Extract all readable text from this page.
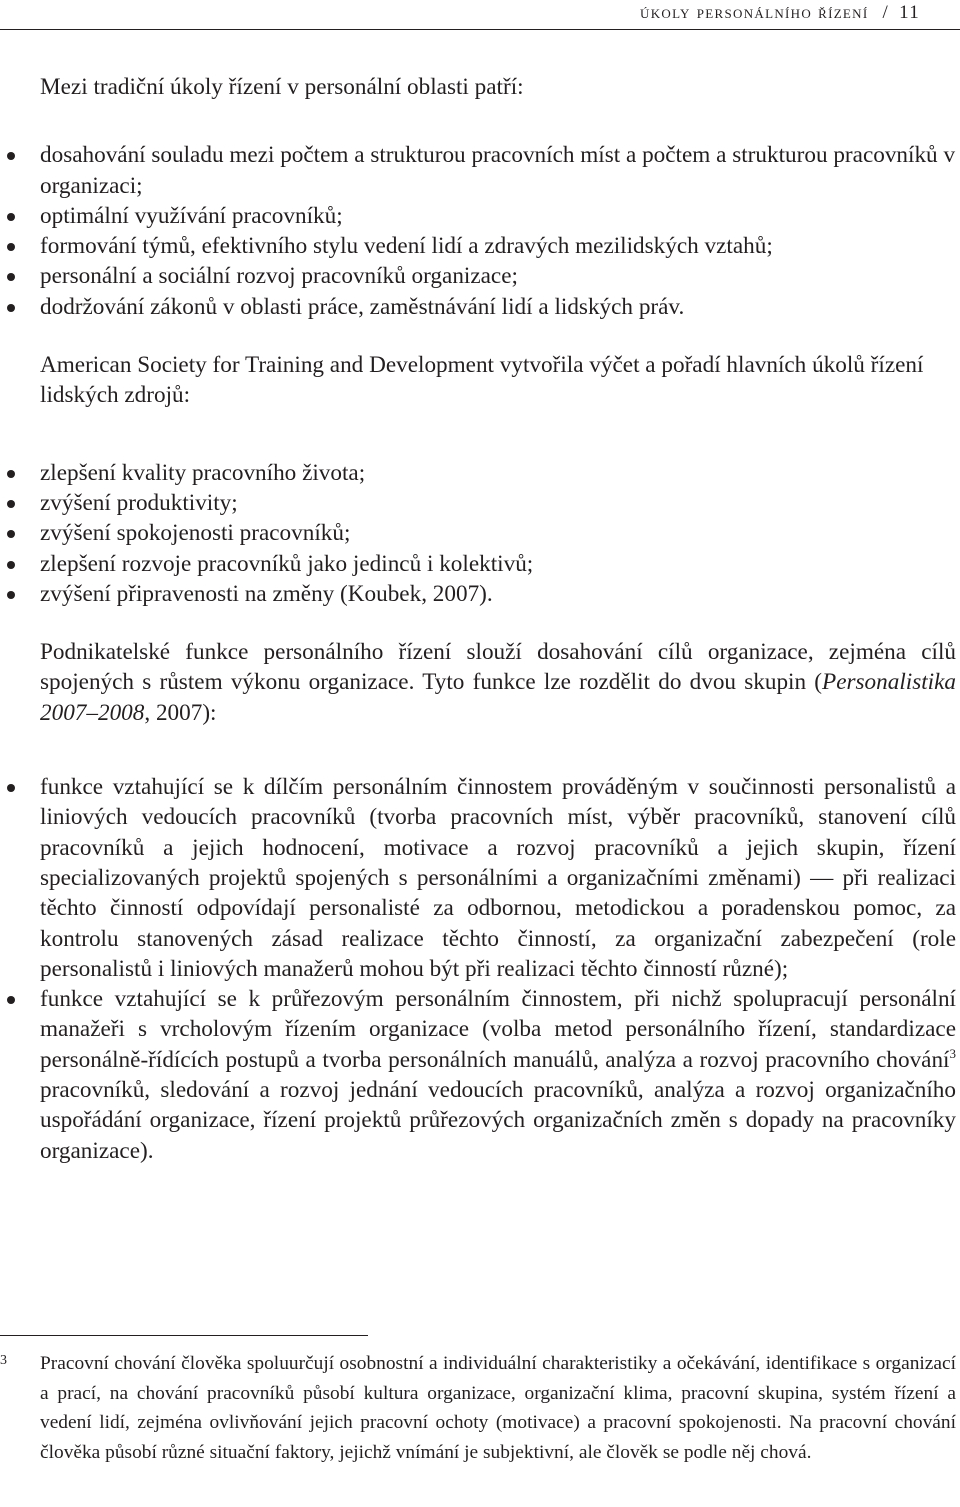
úkoly personálního řízení / 11

Mezi tradiční úkoly řízení v personální oblasti patří:

dosahování souladu mezi počtem a strukturou pracovních míst a počtem a strukturou pracovníků v organizaci;
optimální využívání pracovníků;
formování týmů, efektivního stylu vedení lidí a zdravých mezilidských vztahů;
personální a sociální rozvoj pracovníků organizace;
dodržování zákonů v oblasti práce, zaměstnávání lidí a lidských práv.

American Society for Training and Development vytvořila výčet a pořadí hlavních úkolů řízení lidských zdrojů:

zlepšení kvality pracovního života;
zvýšení produktivity;
zvýšení spokojenosti pracovníků;
zlepšení rozvoje pracovníků jako jedinců i kolektivů;
zvýšení připravenosti na změny (Koubek, 2007).

Podnikatelské funkce personálního řízení slouží dosahování cílů organizace, zejména cílů spojených s růstem výkonu organizace. Tyto funkce lze rozdělit do dvou skupin (Personalistika 2007–2008, 2007):

funkce vztahující se k dílčím personálním činnostem prováděným v součinnosti personalistů a liniových vedoucích pracovníků (tvorba pracovních míst, výběr pracovníků, stanovení cílů pracovníků a jejich hodnocení, motivace a rozvoj pracovníků a jejich skupin, řízení specializovaných projektů spojených s personálními a organizačními změnami) — při realizaci těchto činností odpovídají personalisté za odbornou, metodickou a poradenskou pomoc, za kontrolu stanovených zásad realizace těchto činností, za organizační zabezpečení (role personalistů i liniových manažerů mohou být při realizaci těchto činností různé);
funkce vztahující se k průřezovým personálním činnostem, při nichž spolupracují personální manažeři s vrcholovým řízením organizace (volba metod personálního řízení, standardizace personálně-řídících postupů a tvorba personálních manuálů, analýza a rozvoj pracovního chování$^3$ pracovníků, sledování a rozvoj jednání vedoucích pracovníků, analýza a rozvoj organizačního uspořádání organizace, řízení projektů průřezových organizačních změn s dopady na pracovníky organizace).
3 Pracovní chování člověka spoluurčují osobnostní a individuální charakteristiky a očekávání, identifikace s organizací a prací, na chování pracovníků působí kultura organizace, organizační klima, pracovní skupina, systém řízení a vedení lidí, zejména ovlivňování jejich pracovní ochoty (motivace) a pracovní spokojenosti. Na pracovní chování člověka působí různé situační faktory, jejichž vnímání je subjektivní, ale člověk se podle něj chová.
